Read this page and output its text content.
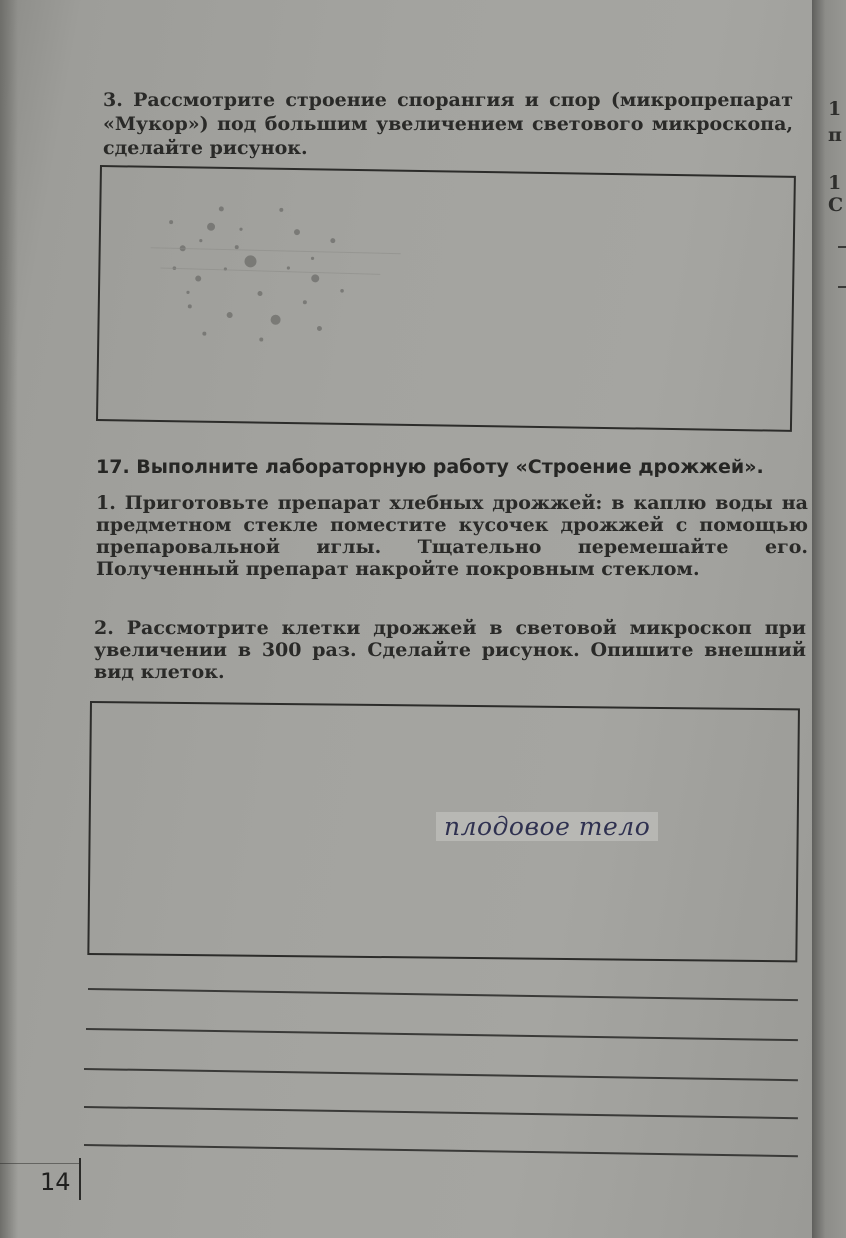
3. Рассмотрите строение спорангия и спор (микропрепарат «Мукор») под большим увеличением светового микроскопа, сделайте рисунок.
17. Выполните лабораторную работу «Строение дрожжей».
1. Приготовьте препарат хлебных дрожжей: в каплю воды на предметном стекле поместите кусочек дрожжей с помощью препаровальной иглы. Тщательно перемешайте его. Полученный препарат накройте покровным стеклом.
2. Рассмотрите клетки дрожжей в световой микроскоп при увеличении в 300 раз. Сделайте рисунок. Опишите внешний вид клеток.
плодовое тело
14
1
п
1
С
